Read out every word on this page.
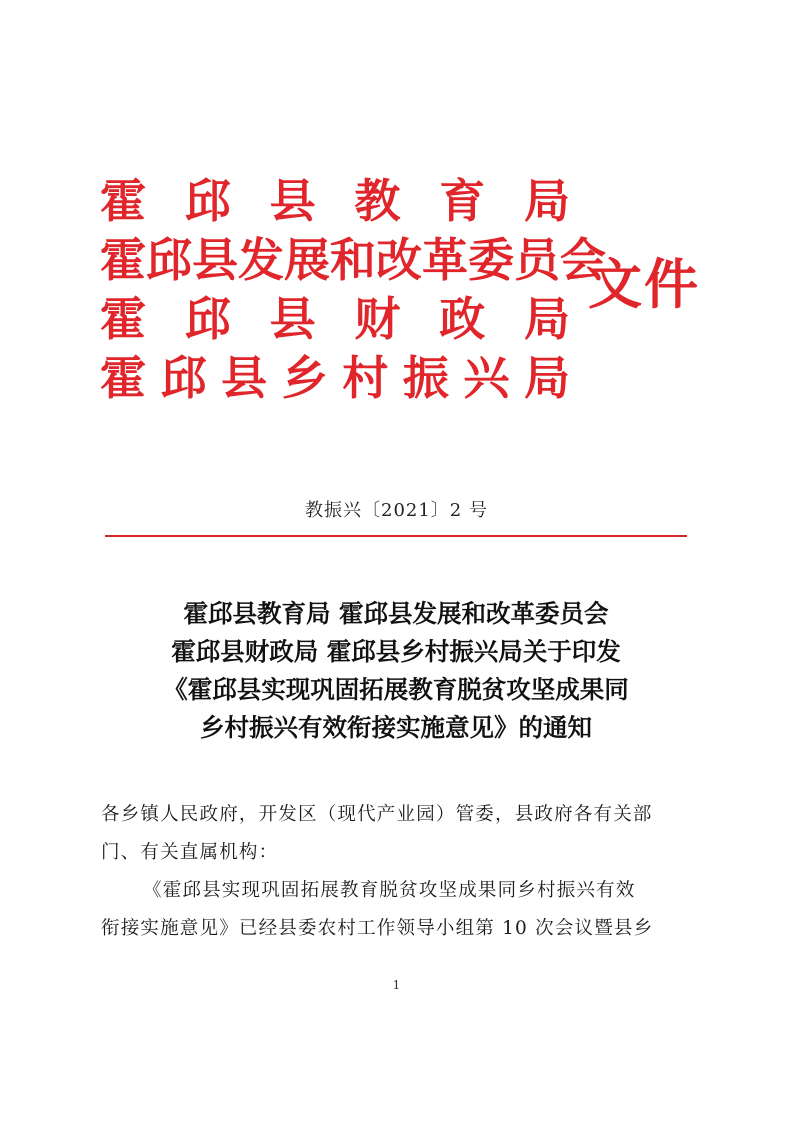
霍 邱 县 教 育 局
霍邱县发展和改革委员会
霍 邱 县 财 政 局
霍邱县乡村振兴局
文件
教振兴〔2021〕2 号
霍邱县教育局 霍邱县发展和改革委员会
霍邱县财政局 霍邱县乡村振兴局关于印发
《霍邱县实现巩固拓展教育脱贫攻坚成果同
乡村振兴有效衔接实施意见》的通知
各乡镇人民政府，开发区（现代产业园）管委，县政府各有关部
门、有关直属机构：
《霍邱县实现巩固拓展教育脱贫攻坚成果同乡村振兴有效
衔接实施意见》已经县委农村工作领导小组第 10 次会议暨县乡
1
